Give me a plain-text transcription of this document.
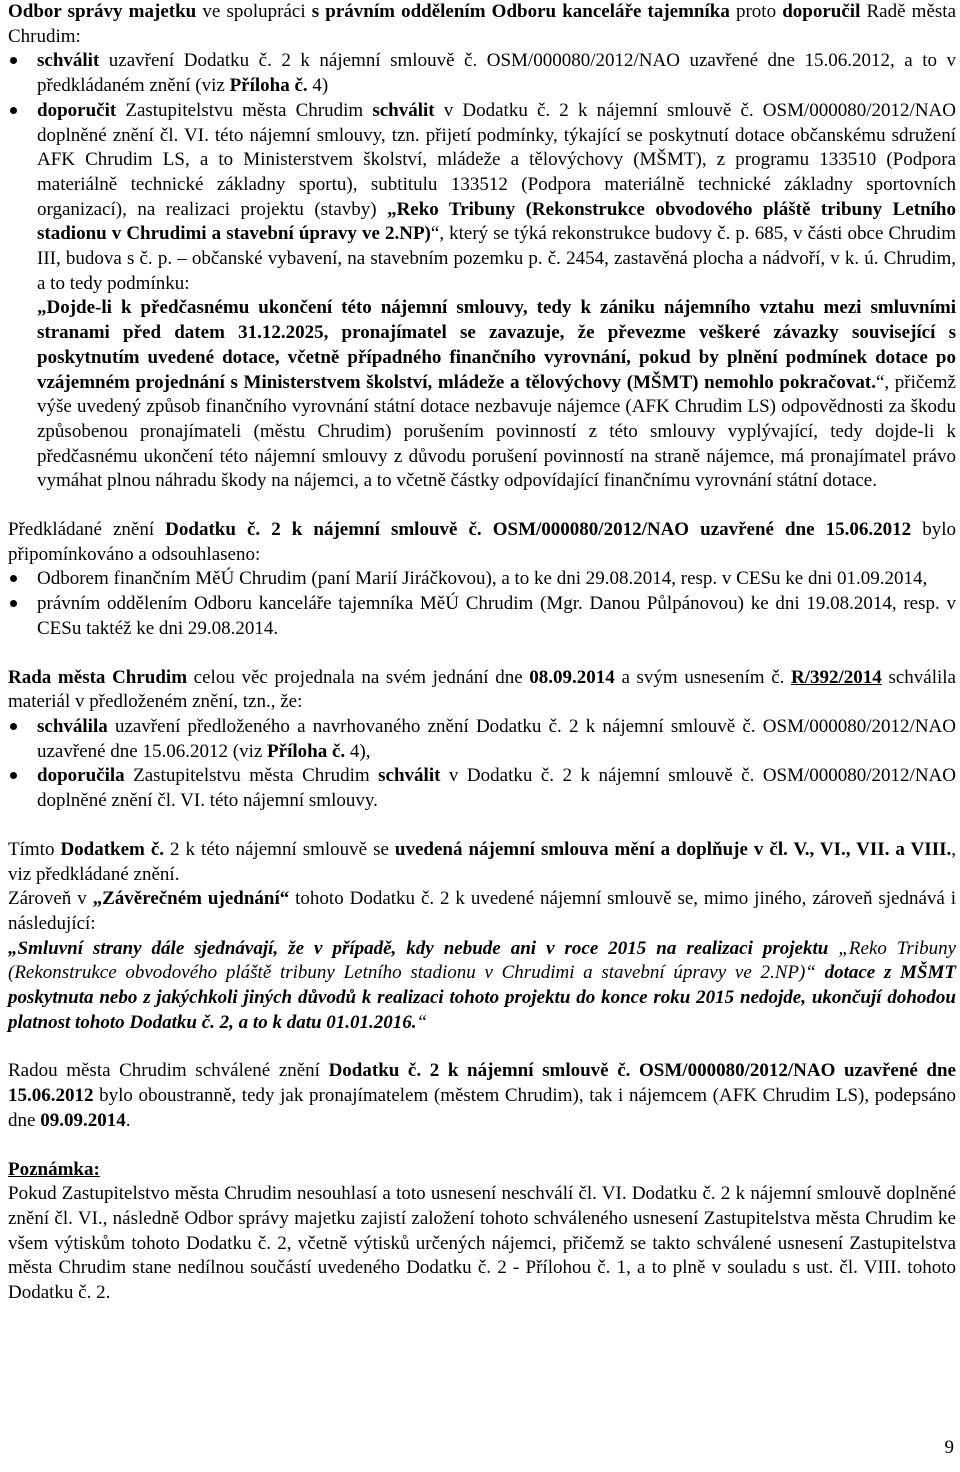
Odbor správy majetku ve spolupráci s právním oddělením Odboru kanceláře tajemníka proto doporučil Radě města Chrudim:

schválit uzavření Dodatku č. 2 k nájemní smlouvě č. OSM/000080/2012/NAO uzavřené dne 15.06.2012, a to v předkládaném znění (viz Příloha č. 4)
doporučit Zastupitelstvu města Chrudim schválit v Dodatku č. 2 k nájemní smlouvě č. OSM/000080/2012/NAO doplněné znění čl. VI. této nájemní smlouvy, tzn. přijetí podmínky, týkající se poskytnutí dotace občanskému sdružení AFK Chrudim LS, a to Ministerstvem školství, mládeže a tělovýchovy (MŠMT), z programu 133510 (Podpora materiálně technické základny sportu), subtitulu 133512 (Podpora materiálně technické základny sportovních organizací), na realizaci projektu (stavby) „Reko Tribuny (Rekonstrukce obvodového pláště tribuny Letního stadionu v Chrudimi a stavební úpravy ve 2.NP)“, který se týká rekonstrukce budovy č. p. 685, v části obce Chrudim III, budova s č. p. – občanské vybavení, na stavebním pozemku p. č. 2454, zastavěná plocha a nádvoří, v k. ú. Chrudim, a to tedy podmínku:
„Dojde-li k předčasnému ukončení této nájemní smlouvy, tedy k zániku nájemního vztahu mezi smluvními stranami před datem 31.12.2025, pronajímatel se zavazuje, že převezme veškeré závazky související s poskytnutím uvedené dotace, včetně případného finančního vyrovnání, pokud by plnění podmínek dotace po vzájemném projednání s Ministerstvem školství, mládeže a tělovýchovy (MŠMT) nemohlo pokračovat.“, přičemž výše uvedený způsob finančního vyrovnání státní dotace nezbavuje nájemce (AFK Chrudim LS) odpovědnosti za škodu způsobenou pronajímateli (městu Chrudim) porušením povinností z této smlouvy vyplývající, tedy dojde-li k předčasnému ukončení této nájemní smlouvy z důvodu porušení povinností na straně nájemce, má pronajímatel právo vymáhat plnou náhradu škody na nájemci, a to včetně částky odpovídající finančnímu vyrovnání státní dotace.

Předkládané znění Dodatku č. 2 k nájemní smlouvě č. OSM/000080/2012/NAO uzavřené dne 15.06.2012 bylo připomínkováno a odsouhlaseno:

Odborem finančním MěÚ Chrudim (paní Marií Jiráčkovou), a to ke dni 29.08.2014, resp. v CESu ke dni 01.09.2014,
právním oddělením Odboru kanceláře tajemníka MěÚ Chrudim (Mgr. Danou Půlpánovou) ke dni 19.08.2014, resp. v CESu taktéž ke dni 29.08.2014.

Rada města Chrudim celou věc projednala na svém jednání dne 08.09.2014 a svým usnesením č. R/392/2014 schválila materiál v předloženém znění, tzn., že:

schválila uzavření předloženého a navrhovaného znění Dodatku č. 2 k nájemní smlouvě č. OSM/000080/2012/NAO uzavřené dne 15.06.2012 (viz Příloha č. 4),
doporučila Zastupitelstvu města Chrudim schválit v Dodatku č. 2 k nájemní smlouvě č. OSM/000080/2012/NAO doplněné znění čl. VI. této nájemní smlouvy.

Tímto Dodatkem č. 2 k této nájemní smlouvě se uvedená nájemní smlouva mění a doplňuje v čl. V., VI., VII. a VIII., viz předkládané znění.

Zároveň v „Závěrečném ujednání“ tohoto Dodatku č. 2 k uvedené nájemní smlouvě se, mimo jiného, zároveň sjednává i následující:

„Smluvní strany dále sjednávají, že v případě, kdy nebude ani v roce 2015 na realizaci projektu „Reko Tribuny (Rekonstrukce obvodového pláště tribuny Letního stadionu v Chrudimi a stavební úpravy ve 2.NP)“ dotace z MŠMT poskytnuta nebo z jakýchkoli jiných důvodů k realizaci tohoto projektu do konce roku 2015 nedojde, ukončují dohodou platnost tohoto Dodatku č. 2, a to k datu 01.01.2016.“

Radou města Chrudim schválené znění Dodatku č. 2 k nájemní smlouvě č. OSM/000080/2012/NAO uzavřené dne 15.06.2012 bylo oboustranně, tedy jak pronajímatelem (městem Chrudim), tak i nájemcem (AFK Chrudim LS), podepsáno dne 09.09.2014.

Poznámka:

Pokud Zastupitelstvo města Chrudim nesouhlasí a toto usnesení neschválí čl. VI. Dodatku č. 2 k nájemní smlouvě doplněné znění čl. VI., následně Odbor správy majetku zajistí založení tohoto schváleného usnesení Zastupitelstva města Chrudim ke všem výtiskům tohoto Dodatku č. 2, včetně výtisků určených nájemci, přičemž se takto schválené usnesení Zastupitelstva města Chrudim stane nedílnou součástí uvedeného Dodatku č. 2 - Přílohou č. 1, a to plně v souladu s ust. čl. VIII. tohoto Dodatku č. 2.

9
